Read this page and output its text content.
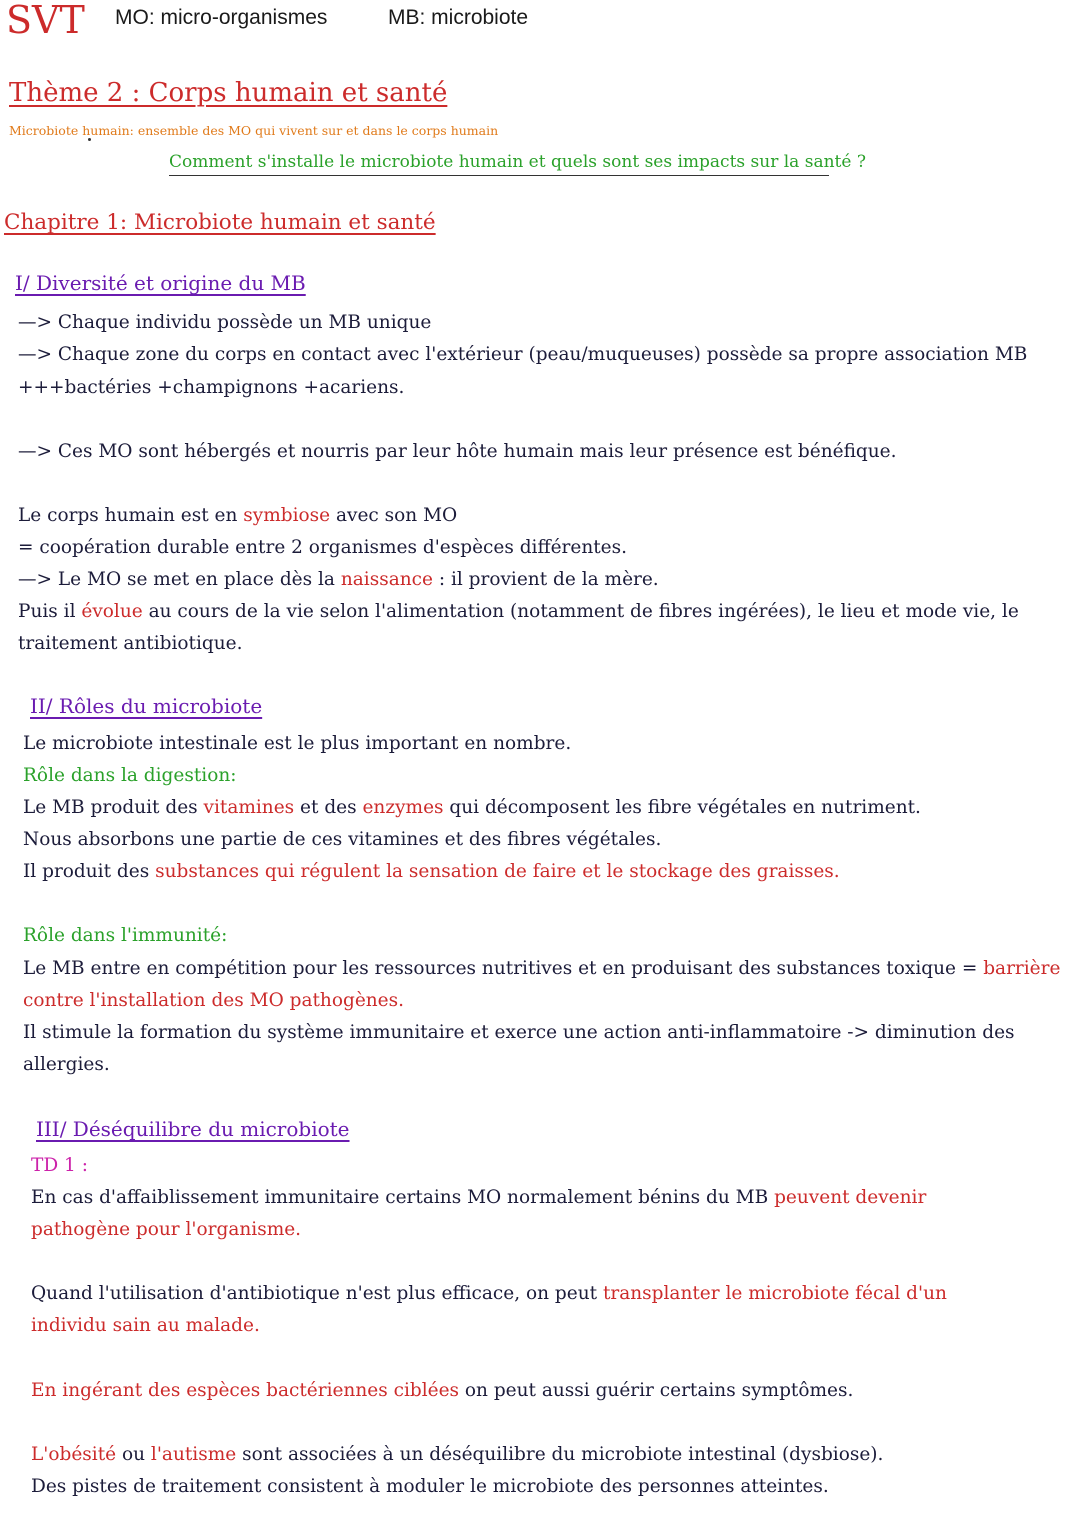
SVT MO: micro-organismes	MB: microbiote
Thème 2 : Corps humain et santé
Microbiote humain: ensemble des MO qui vivent sur et dans le corps humain
Comment s'installe le microbiote humain et quels sont ses impacts sur la santé ?
Chapitre 1: Microbiote humain et santé
I/ Diversité et origine du MB
—> Chaque individu possède un MB unique
—> Chaque zone du corps en contact avec l'extérieur (peau/muqueuses) possède sa propre association MB
+++bactéries +champignons +acariens.
—> Ces MO sont hébergés et nourris par leur hôte humain mais leur présence est bénéfique.
Le corps humain est en symbiose avec son MO
= coopération durable entre 2 organismes d'espèces différentes.
—> Le MO se met en place dès la naissance : il provient de la mère.
Puis il évolue au cours de la vie selon l'alimentation (notamment de fibres ingérées), le lieu et mode vie, le
traitement antibiotique.
II/ Rôles du microbiote
Le microbiote intestinale est le plus important en nombre.
Rôle dans la digestion:
Le MB produit des vitamines et des enzymes qui décomposent les fibre végétales en nutriment.
Nous absorbons une partie de ces vitamines et des fibres végétales.
Il produit des substances qui régulent la sensation de faire et le stockage des graisses.
Rôle dans l'immunité:
Le MB entre en compétition pour les ressources nutritives et en produisant des substances toxique = barrière
contre l'installation des MO pathogènes.
Il stimule la formation du système immunitaire et exerce une action anti-inflammatoire -> diminution des
allergies.
III/ Déséquilibre du microbiote
TD 1 :
En cas d'affaiblissement immunitaire certains MO normalement bénins du MB peuvent devenir
pathogène pour l'organisme.
Quand l'utilisation d'antibiotique n'est plus efficace, on peut transplanter le microbiote fécal d'un
individu sain au malade.
En ingérant des espèces bactériennes ciblées on peut aussi guérir certains symptômes.
L'obésité ou l'autisme sont associées à un déséquilibre du microbiote intestinal (dysbiose).
Des pistes de traitement consistent à moduler le microbiote des personnes atteintes.
